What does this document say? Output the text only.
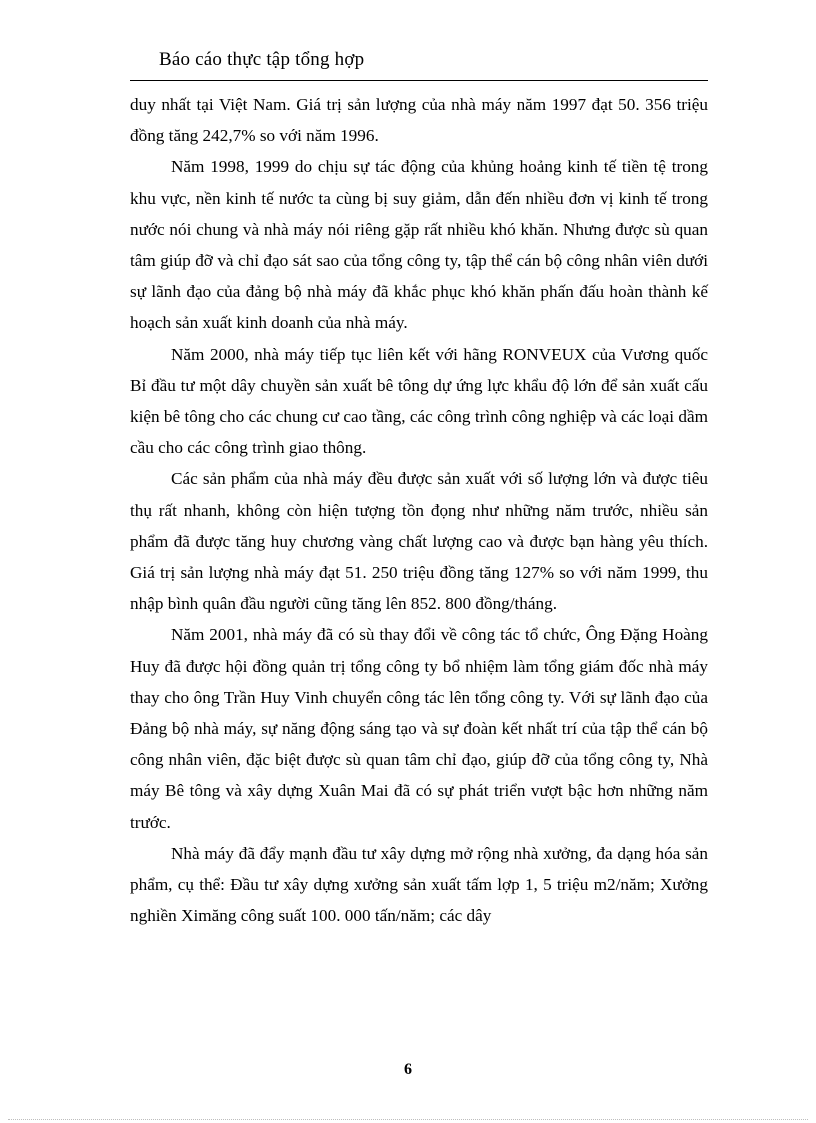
Báo cáo thực tập tổng hợp

duy nhất tại Việt Nam. Giá trị sản lượng của nhà máy năm 1997 đạt 50. 356 triệu đồng tăng 242,7% so với năm 1996.

Năm 1998, 1999 do chịu sự tác động của khủng hoảng kinh tế tiền tệ trong khu vực, nền kinh tế nước ta cùng bị suy giảm, dẫn đến nhiều đơn vị kinh tế trong nước nói chung và nhà máy nói riêng gặp rất nhiều khó khăn. Nhưng được sù quan tâm giúp đỡ và chỉ đạo sát sao của tổng công ty, tập thể cán bộ công nhân viên dưới sự lãnh đạo của đảng bộ nhà máy đã khắc phục khó khăn phấn đấu hoàn thành kế hoạch sản xuất kinh doanh của nhà máy.

Năm 2000, nhà máy tiếp tục liên kết với hãng RONVEUX của Vương quốc Bỉ đầu tư một dây chuyền sản xuất bê tông dự ứng lực khẩu độ lớn để sản xuất cấu kiện bê tông cho các chung cư cao tầng, các công trình công nghiệp và các loại dầm cầu cho các công trình giao thông.

Các sản phẩm của nhà máy đều được sản xuất với số lượng lớn và được tiêu thụ rất nhanh, không còn hiện tượng tồn đọng như những năm trước, nhiều sản phẩm đã được tăng huy chương vàng chất lượng cao và được bạn hàng yêu thích. Giá trị sản lượng nhà máy đạt 51. 250 triệu đồng tăng 127% so với năm 1999, thu nhập bình quân đầu người cũng tăng lên 852. 800 đồng/tháng.

Năm 2001, nhà máy đã có sù thay đổi về công tác tổ chức, Ông Đặng Hoàng Huy đã được hội đồng quản trị tổng công ty bổ nhiệm làm tổng giám đốc nhà máy thay cho ông Trần Huy Vinh chuyển công tác lên tổng công ty. Với sự lãnh đạo của Đảng bộ nhà máy, sự năng động sáng tạo và sự đoàn kết nhất trí của tập thể cán bộ công nhân viên, đặc biệt được sù quan tâm chỉ đạo, giúp đỡ của tổng công ty, Nhà máy Bê tông và xây dựng Xuân Mai đã có sự phát triển vượt bậc hơn những năm trước.

Nhà máy đã đẩy mạnh đầu tư xây dựng mở rộng nhà xưởng, đa dạng hóa sản phẩm, cụ thể: Đầu tư xây dựng xưởng sản xuất tấm lợp 1, 5 triệu m2/năm; Xưởng nghiền Ximăng công suất 100. 000 tấn/năm; các dây

6
